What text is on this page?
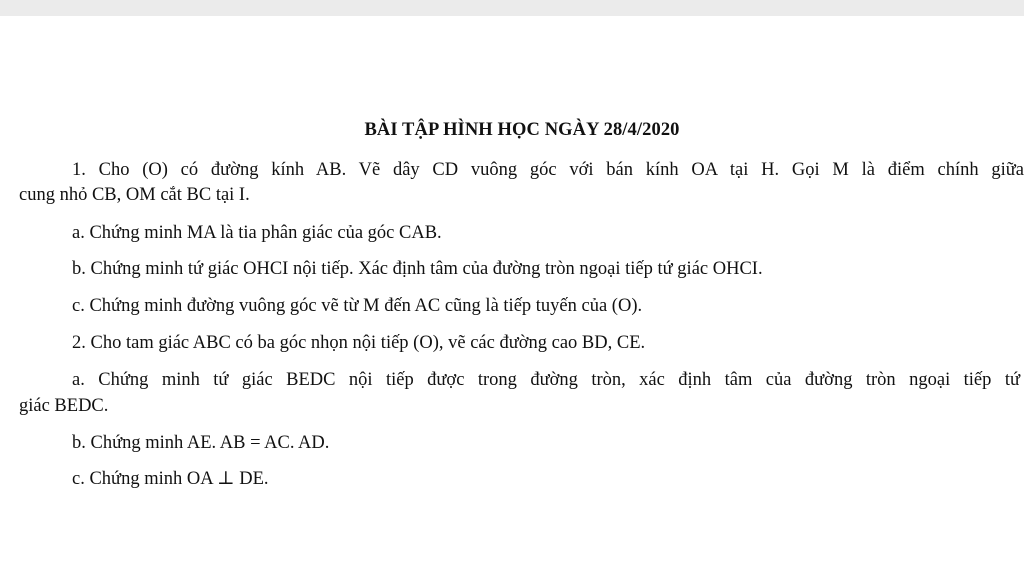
BÀI TẬP HÌNH HỌC NGÀY 28/4/2020
1. Cho (O) có đường kính AB. Vẽ dây CD vuông góc với bán kính OA tại H. Gọi M là điểm chính giữa
cung nhỏ CB, OM cắt BC tại I.
a. Chứng minh MA là tia phân giác của góc CAB.
b. Chứng minh tứ giác OHCI nội tiếp. Xác định tâm của đường tròn ngoại tiếp tứ giác OHCI.
c. Chứng minh đường vuông góc vẽ từ M đến AC cũng là tiếp tuyến của (O).
2. Cho tam giác ABC có ba góc nhọn nội tiếp (O), vẽ các đường cao BD, CE.
a. Chứng minh tứ giác BEDC nội tiếp được trong đường tròn, xác định tâm của đường tròn ngoại tiếp tứ
giác BEDC.
b. Chứng minh AE. AB = AC. AD.
c. Chứng minh OA ⊥ DE.
